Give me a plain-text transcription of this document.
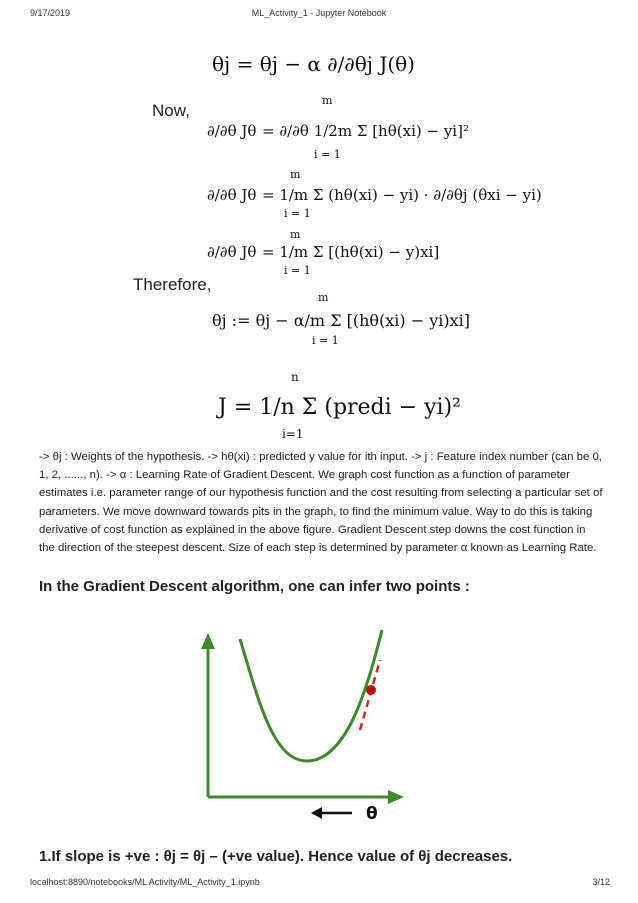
9/17/2019	ML_Activity_1 - Jupyter Notebook
θj = θj − α ∂/∂θj J(θ)
Now,
m
∂/∂θ Jθ = ∂/∂θ 1/2m Σ [hθ(xi) − yi]²
i = 1
m
∂/∂θ Jθ = 1/m Σ (hθ(xi) − yi) · ∂/∂θj (θxi − yi)
i = 1
m
∂/∂θ Jθ = 1/m Σ [(hθ(xi) − y)xi]
i = 1
Therefore,
m
θj := θj − α/m Σ [(hθ(xi) − yi)xi]
i = 1
n
J = 1/n Σ (predi − yi)²
i=1
-> θj : Weights of the hypothesis. -> hθ(xi) : predicted y value for ith input. -> j : Feature index number (can be 0, 1, 2, ......, n). -> α : Learning Rate of Gradient Descent. We graph cost function as a function of parameter estimates i.e. parameter range of our hypothesis function and the cost resulting from selecting a particular set of parameters. We move downward towards pits in the graph, to find the minimum value. Way to do this is taking derivative of cost function as explained in the above figure. Gradient Descent step downs the cost function in the direction of the steepest descent. Size of each step is determined by parameter α known as Learning Rate.
In the Gradient Descent algorithm, one can infer two points :
θ
1.If slope is +ve : θj = θj – (+ve value). Hence value of θj decreases.
localhost:8890/notebooks/ML Activity/ML_Activity_1.ipynb	3/12
